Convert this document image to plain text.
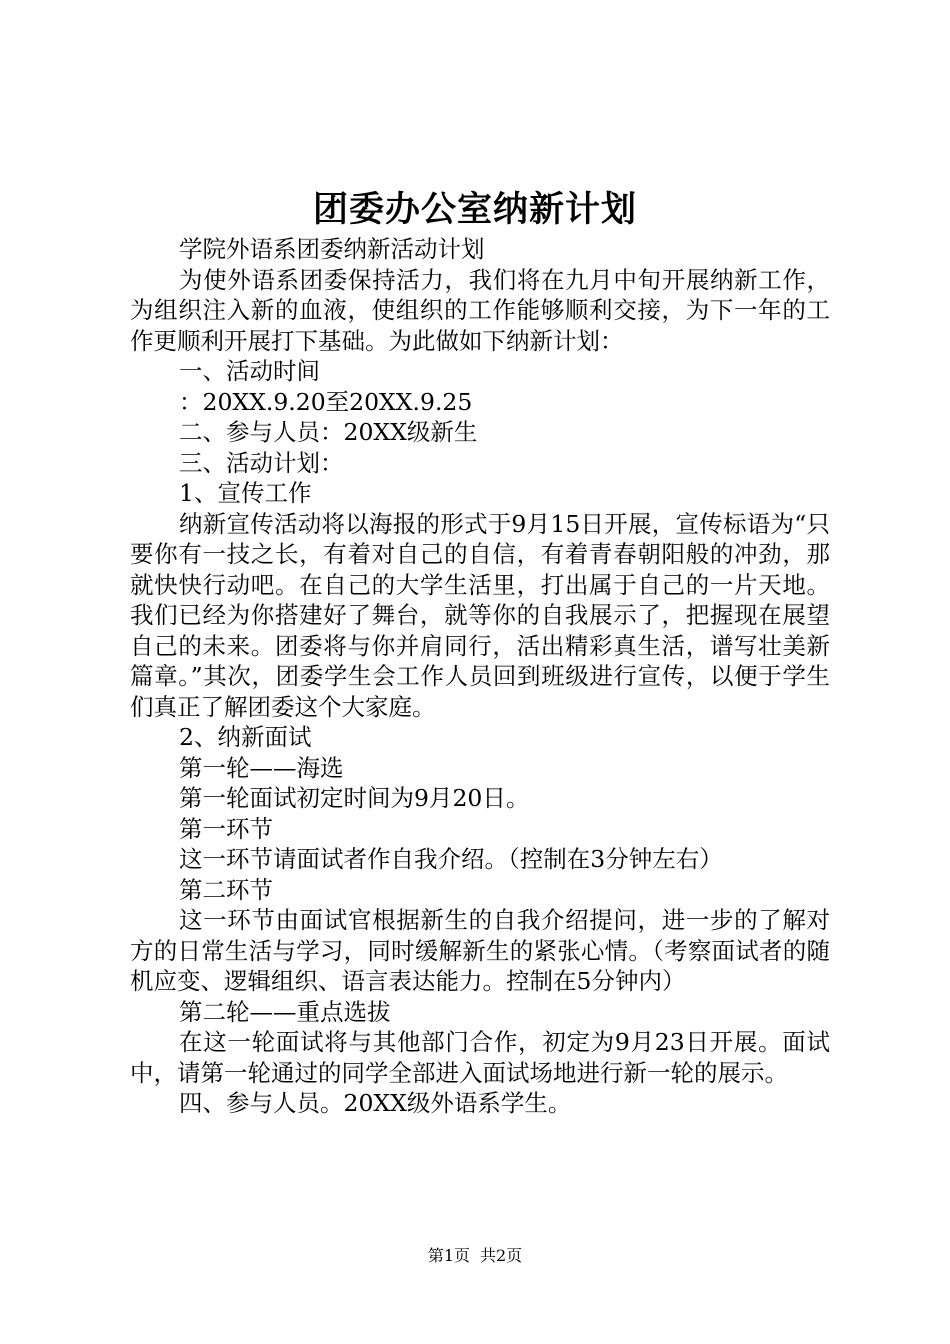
团委办公室纳新计划

学院外语系团委纳新活动计划

为使外语系团委保持活力，我们将在九月中旬开展纳新工作，为组织注入新的血液，使组织的工作能够顺利交接，为下一年的工作更顺利开展打下基础。为此做如下纳新计划：

一、活动时间

：20XX.9.20至20XX.9.25

二、参与人员：20XX级新生

三、活动计划：

1、宣传工作

纳新宣传活动将以海报的形式于9月15日开展，宣传标语为“只要你有一技之长，有着对自己的自信，有着青春朝阳般的冲劲，那就快快行动吧。在自己的大学生活里，打出属于自己的一片天地。我们已经为你搭建好了舞台，就等你的自我展示了，把握现在展望自己的未来。团委将与你并肩同行，活出精彩真生活，谱写壮美新篇章。”其次，团委学生会工作人员回到班级进行宣传，以便于学生们真正了解团委这个大家庭。

2、纳新面试

第一轮——海选

第一轮面试初定时间为9月20日。

第一环节

这一环节请面试者作自我介绍。（控制在3分钟左右）

第二环节

这一环节由面试官根据新生的自我介绍提问，进一步的了解对方的日常生活与学习，同时缓解新生的紧张心情。（考察面试者的随机应变、逻辑组织、语言表达能力。控制在5分钟内）

第二轮——重点选拔

在这一轮面试将与其他部门合作，初定为9月23日开展。面试中，请第一轮通过的同学全部进入面试场地进行新一轮的展示。

四、参与人员。20XX级外语系学生。

第1页 共2页
